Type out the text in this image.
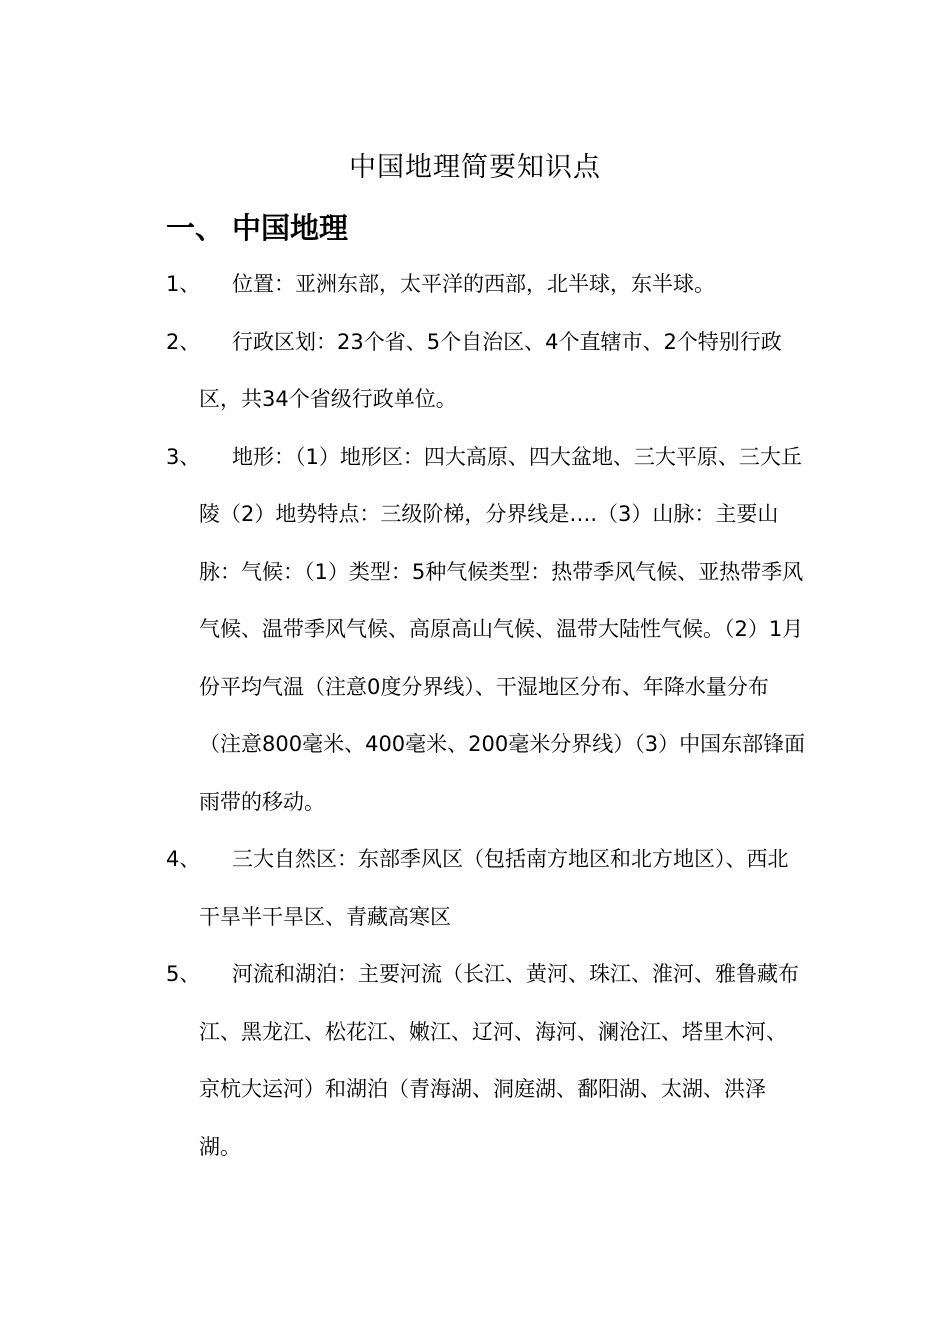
中国地理简要知识点
一、 中国地理
1、	位置：亚洲东部，太平洋的西部，北半球，东半球。
2、	行政区划：23个省、5个自治区、4个直辖市、2个特别行政区，共34个省级行政单位。
3、	地形：（1）地形区：四大高原、四大盆地、三大平原、三大丘陵（2）地势特点：三级阶梯，分界线是….（3）山脉：主要山脉：气候：（1）类型：5种气候类型：热带季风气候、亚热带季风气候、温带季风气候、高原高山气候、温带大陆性气候。（2）1月份平均气温（注意0度分界线）、干湿地区分布、年降水量分布（注意800毫米、400毫米、200毫米分界线）（3）中国东部锋面雨带的移动。
4、	三大自然区：东部季风区（包括南方地区和北方地区）、西北干旱半干旱区、青藏高寒区
5、	河流和湖泊：主要河流（长江、黄河、珠江、淮河、雅鲁藏布江、黑龙江、松花江、嫩江、辽河、海河、澜沧江、塔里木河、京杭大运河）和湖泊（青海湖、洞庭湖、鄱阳湖、太湖、洪泽湖。
